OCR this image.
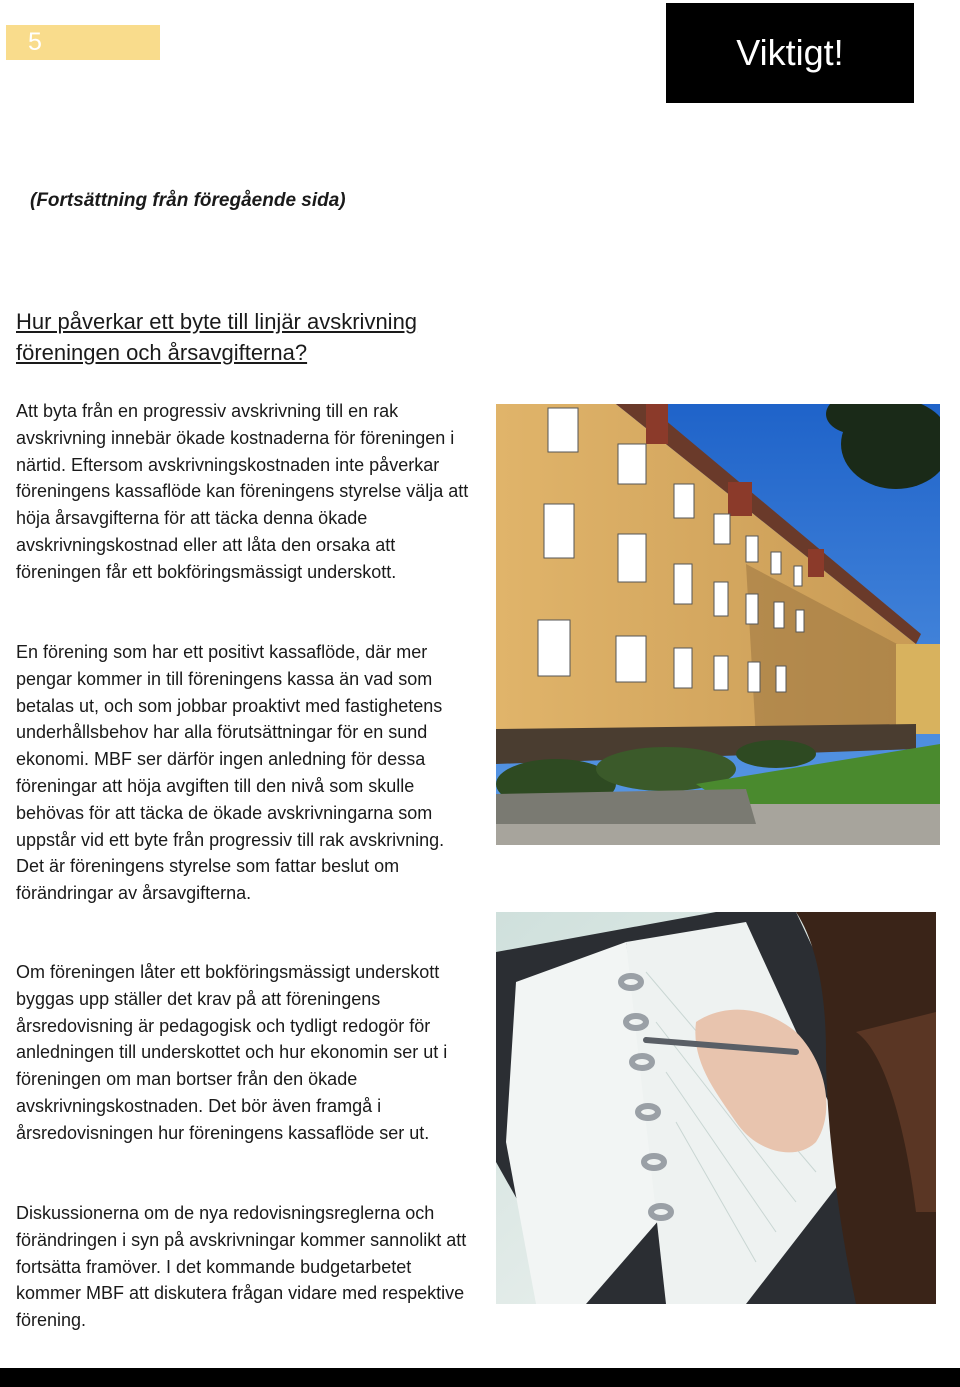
5	Viktigt!
(Fortsättning från föregående sida)
Hur påverkar ett byte till linjär avskrivning föreningen och årsavgifterna?

Att byta från en progressiv avskrivning till en rak avskrivning innebär ökade kostnaderna för föreningen i närtid. Eftersom avskrivningskostnaden inte påverkar föreningens kassaflöde kan föreningens styrelse välja att höja årsavgifterna för att täcka denna ökade avskrivningskostnad eller att låta den orsaka att föreningen får ett bokföringsmässigt underskott.

En förening som har ett positivt kassaflöde, där mer pengar kommer in till föreningens kassa än vad som betalas ut, och som jobbar proaktivt med fastighetens underhållsbehov har alla förutsättningar för en sund ekonomi. MBF ser därför ingen anledning för dessa föreningar att höja avgiften till den nivå som skulle behövas för att täcka de ökade avskrivningarna som uppstår vid ett byte från progressiv till rak avskrivning. Det är föreningens styrelse som fattar beslut om förändringar av årsavgifterna.

Om föreningen låter ett bokföringsmässigt underskott byggas upp ställer det krav på att föreningens årsredovisning är pedagogisk och tydligt redogör för anledningen till underskottet och hur ekonomin ser ut i föreningen om man bortser från den ökade avskrivningskostnaden. Det bör även framgå i årsredovisningen hur föreningens kassaflöde ser ut.

Diskussionerna om de nya redovisningsreglerna och förändringen i syn på avskrivningar kommer sannolikt att fortsätta framöver. I det kommande budgetarbetet kommer MBF att diskutera frågan vidare med respektive förening.
